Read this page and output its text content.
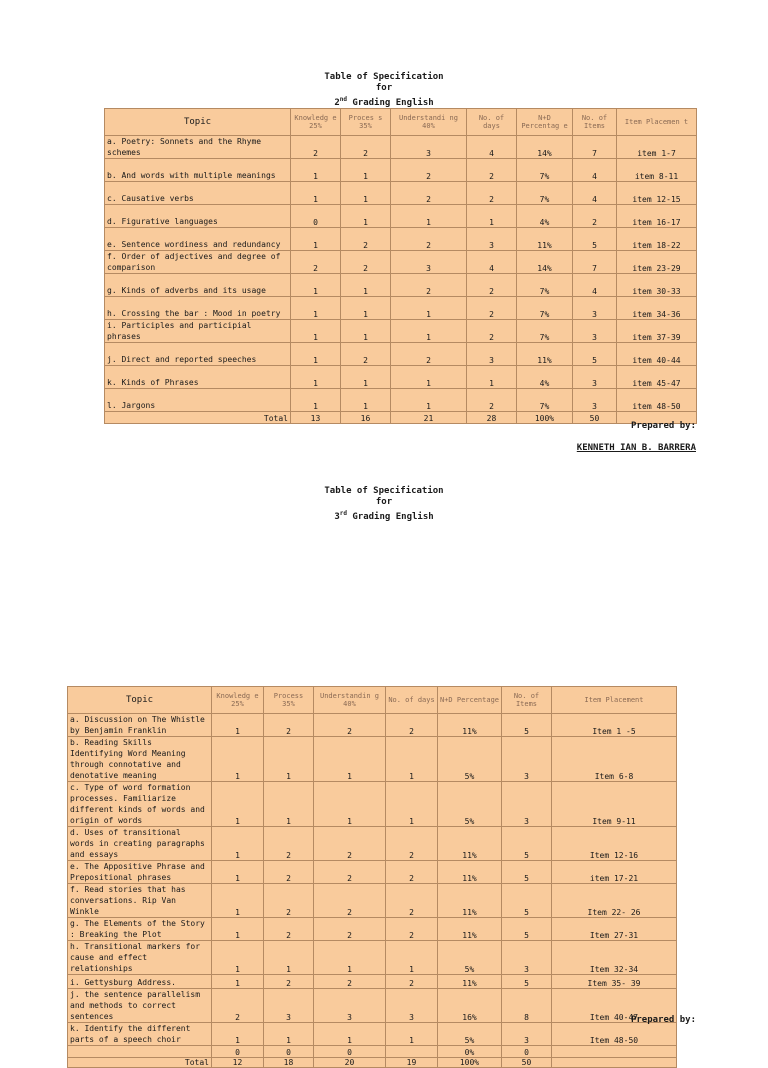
Table of Specification
for
2nd Grading English
Topic	Knowledg e 25%	Proces s 35%	Understandi ng 40%	No. of days	N+D Percentag e	No. of Items	Item Placemen t
a. Poetry: Sonnets and the Rhyme schemes	2	2	3	4	14%	7	item 1-7
b. And words with multiple meanings	1	1	2	2	7%	4	item 8-11
c. Causative verbs	1	1	2	2	7%	4	item 12-15
d. Figurative languages	0	1	1	1	4%	2	item 16-17
e. Sentence wordiness and redundancy	1	2	2	3	11%	5	item 18-22
f. Order of adjectives and degree of comparison	2	2	3	4	14%	7	item 23-29
g. Kinds of adverbs and its usage	1	1	2	2	7%	4	item 30-33
h. Crossing the bar : Mood in poetry	1	1	1	2	7%	3	item 34-36
i. Participles and participial phrases	1	1	1	2	7%	3	item 37-39
j. Direct and reported speeches	1	2	2	3	11%	5	item 40-44
k. Kinds of Phrases	1	1	1	1	4%	3	item 45-47
l. Jargons	1	1	1	2	7%	3	item 48-50
Total	13	16	21	28	100%	50	
Prepared by:
KENNETH IAN B. BARRERA
Table of Specification
for
3rd Grading English
Topic	Knowledg e 25%	Process 35%	Understandin g 40%	No. of days	N+D Percentage	No. of Items	Item Placement
a. Discussion on The Whistle by Benjamin Franklin	1	2	2	2	11%	5	Item 1 -5
b. Reading Skills Identifying Word Meaning through connotative and denotative meaning	1	1	1	1	5%	3	Item 6-8
c. Type of word formation processes. Familiarize different kinds of words and origin of words	1	1	1	1	5%	3	Item 9-11
d. Uses of transitional words in creating paragraphs and essays	1	2	2	2	11%	5	Item 12-16
e. The Appositive Phrase and Prepositional phrases	1	2	2	2	11%	5	item 17-21
f. Read stories that has conversations. Rip Van Winkle	1	2	2	2	11%	5	Item 22- 26
g. The Elements of the Story : Breaking the Plot	1	2	2	2	11%	5	Item 27-31
h. Transitional markers for cause and effect relationships	1	1	1	1	5%	3	Item 32-34
i. Gettysburg Address.	1	2	2	2	11%	5	Item 35- 39
j. the sentence parallelism and methods to correct sentences	2	3	3	3	16%	8	Item 40-47
k. Identify the different parts of a speech choir	1	1	1	1	5%	3	Item 48-50
	0	0	0		0%	0	
Total	12	18	20	19	100%	50	
Prepared by:
